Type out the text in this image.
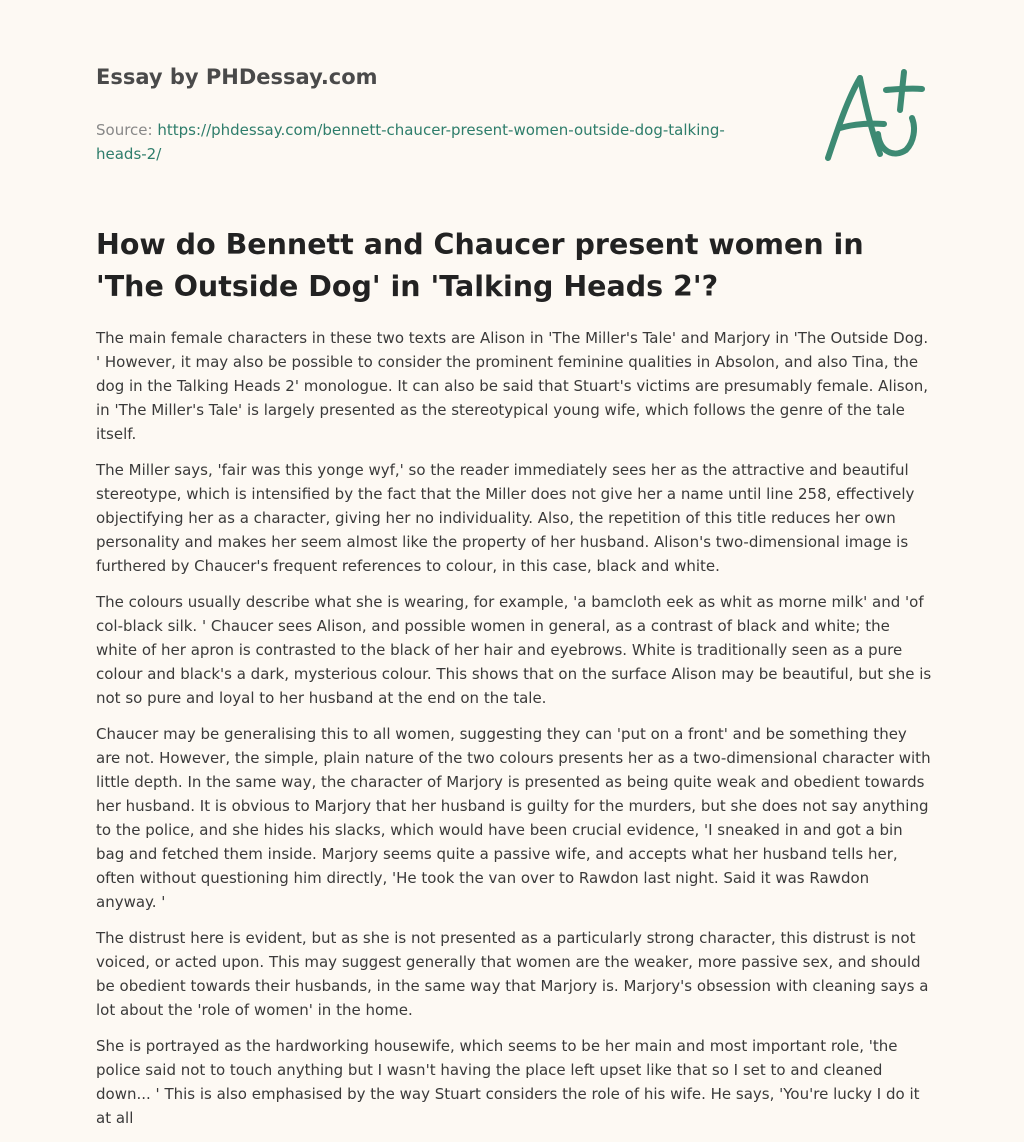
Essay by PHDessay.com
Source: https://phdessay.com/bennett-chaucer-present-women-outside-dog-talking-heads-2/
How do Bennett and Chaucer present women in 'The Outside Dog' in 'Talking Heads 2'?

The main female characters in these two texts are Alison in 'The Miller's Tale' and Marjory in 'The Outside Dog. ' However, it may also be possible to consider the prominent feminine qualities in Absolon, and also Tina, the dog in the Talking Heads 2' monologue. It can also be said that Stuart's victims are presumably female. Alison, in 'The Miller's Tale' is largely presented as the stereotypical young wife, which follows the genre of the tale itself.

The Miller says, 'fair was this yonge wyf,' so the reader immediately sees her as the attractive and beautiful stereotype, which is intensified by the fact that the Miller does not give her a name until line 258, effectively objectifying her as a character, giving her no individuality. Also, the repetition of this title reduces her own personality and makes her seem almost like the property of her husband. Alison's two-dimensional image is furthered by Chaucer's frequent references to colour, in this case, black and white.

The colours usually describe what she is wearing, for example, 'a bamcloth eek as whit as morne milk' and 'of col-black silk. ' Chaucer sees Alison, and possible women in general, as a contrast of black and white; the white of her apron is contrasted to the black of her hair and eyebrows. White is traditionally seen as a pure colour and black's a dark, mysterious colour. This shows that on the surface Alison may be beautiful, but she is not so pure and loyal to her husband at the end on the tale.

Chaucer may be generalising this to all women, suggesting they can 'put on a front' and be something they are not. However, the simple, plain nature of the two colours presents her as a two-dimensional character with little depth. In the same way, the character of Marjory is presented as being quite weak and obedient towards her husband. It is obvious to Marjory that her husband is guilty for the murders, but she does not say anything to the police, and she hides his slacks, which would have been crucial evidence, 'I sneaked in and got a bin bag and fetched them inside. Marjory seems quite a passive wife, and accepts what her husband tells her, often without questioning him directly, 'He took the van over to Rawdon last night. Said it was Rawdon anyway. '

The distrust here is evident, but as she is not presented as a particularly strong character, this distrust is not voiced, or acted upon. This may suggest generally that women are the weaker, more passive sex, and should be obedient towards their husbands, in the same way that Marjory is. Marjory's obsession with cleaning says a lot about the 'role of women' in the home.

She is portrayed as the hardworking housewife, which seems to be her main and most important role, 'the police said not to touch anything but I wasn't having the place left upset like that so I set to and cleaned down... ' This is also emphasised by the way Stuart considers the role of his wife. He says, 'You're lucky I do it at all
